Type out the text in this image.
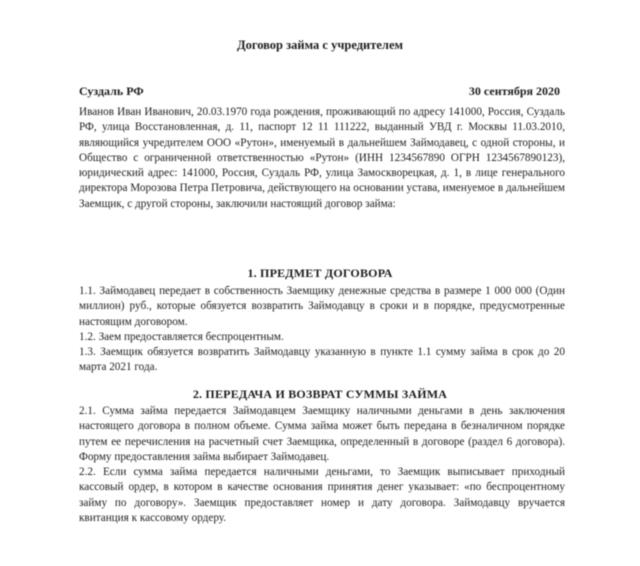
Договор займа с учредителем
Суздаль РФ	30 сентября 2020

Иванов Иван Иванович, 20.03.1970 года рождения, проживающий по адресу 141000, Россия, Суздаль РФ, улица Восстановленная, д. 11, паспорт 12 11 111222, выданный УВД г. Москвы 11.03.2010, являющийся учредителем ООО «Рутон», именуемый в дальнейшем Займодавец, с одной стороны, и Общество с ограниченной ответственностью «Рутон» (ИНН 1234567890 ОГРН 1234567890123), юридический адрес: 141000, Россия, Суздаль РФ, улица Замоскворецкая, д. 1, в лице генерального директора Морозова Петра Петровича, действующего на основании устава, именуемое в дальнейшем Заемщик, с другой стороны, заключили настоящий договор займа:

1. ПРЕДМЕТ ДОГОВОРА

1.1. Займодавец передает в собственность Заемщику денежные средства в размере 1 000 000 (Один миллион) руб., которые обязуется возвратить Займодавцу в сроки и в порядке, предусмотренные настоящим договором.

1.2. Заем предоставляется беспроцентным.

1.3. Заемщик обязуется возвратить Займодавцу указанную в пункте 1.1 сумму займа в срок до 20 марта 2021 года.

2. ПЕРЕДАЧА И ВОЗВРАТ СУММЫ ЗАЙМА

2.1. Сумма займа передается Займодавцем Заемщику наличными деньгами в день заключения настоящего договора в полном объеме. Сумма займа может быть передана в безналичном порядке путем ее перечисления на расчетный счет Заемщика, определенный в договоре (раздел 6 договора). Форму предоставления займа выбирает Займодавец.

2.2. Если сумма займа передается наличными деньгами, то Заемщик выписывает приходный кассовый ордер, в котором в качестве основания принятия денег указывает: «по беспроцентному займу по договору». Заемщик предоставляет номер и дату договора. Займодавцу вручается квитанция к кассовому ордеру.
